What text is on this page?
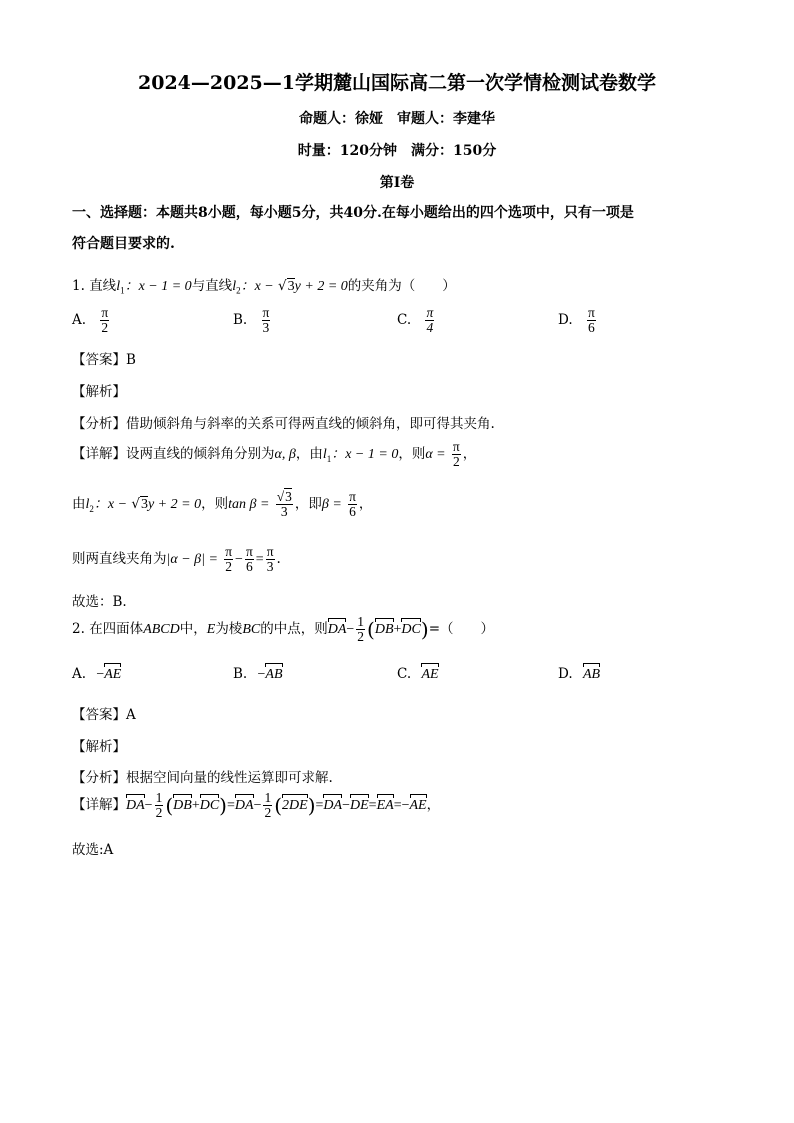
2024—2025—1学期麓山国际高二第一次学情检测试卷数学
命题人：徐娅　审题人：李建华
时量：120分钟　满分：150分
第I卷
一、选择题：本题共8小题，每小题5分，共40分.在每小题给出的四个选项中，只有一项是
符合题目要求的.
1. 直线$l_1$：x − 1 = 0与直线$l_2$：x − √3y + 2 = 0的夹角为（　　）
A. $\frac{\pi}{2}$	B. $\frac{\pi}{3}$	C. $\frac{\pi}{4}$	D. $\frac{\pi}{6}$
【答案】B
【解析】
【分析】借助倾斜角与斜率的关系可得两直线的倾斜角，即可得其夹角.
【详解】设两直线的倾斜角分别为α, β，由$l_1$：x − 1 = 0，则$\alpha = \frac{\pi}{2}$ ，
由$l_2$：x − √3y + 2 = 0，则$\tan \beta = \frac{√3}{3}$ ，即$\beta = \frac{\pi}{6}$ ，
则两直线夹角为$|\alpha - \beta| = \frac{\pi}{2} - \frac{\pi}{6} = \frac{\pi}{3}$ .
故选：B.
2. 在四面体ABCD中，E为棱BC的中点，则$DA- \frac{1}{2} (DB+DC)=$（　　）
A. −AE	B. −AB	C. AE	D. AB
【答案】A
【解析】
【分析】根据空间向量的线性运算即可求解.
【详解】$DA- \frac{1}{2} (DB+DC)=DA- \frac{1}{2} (2DE)=DA-DE=EA=-AE$，
故选:A
